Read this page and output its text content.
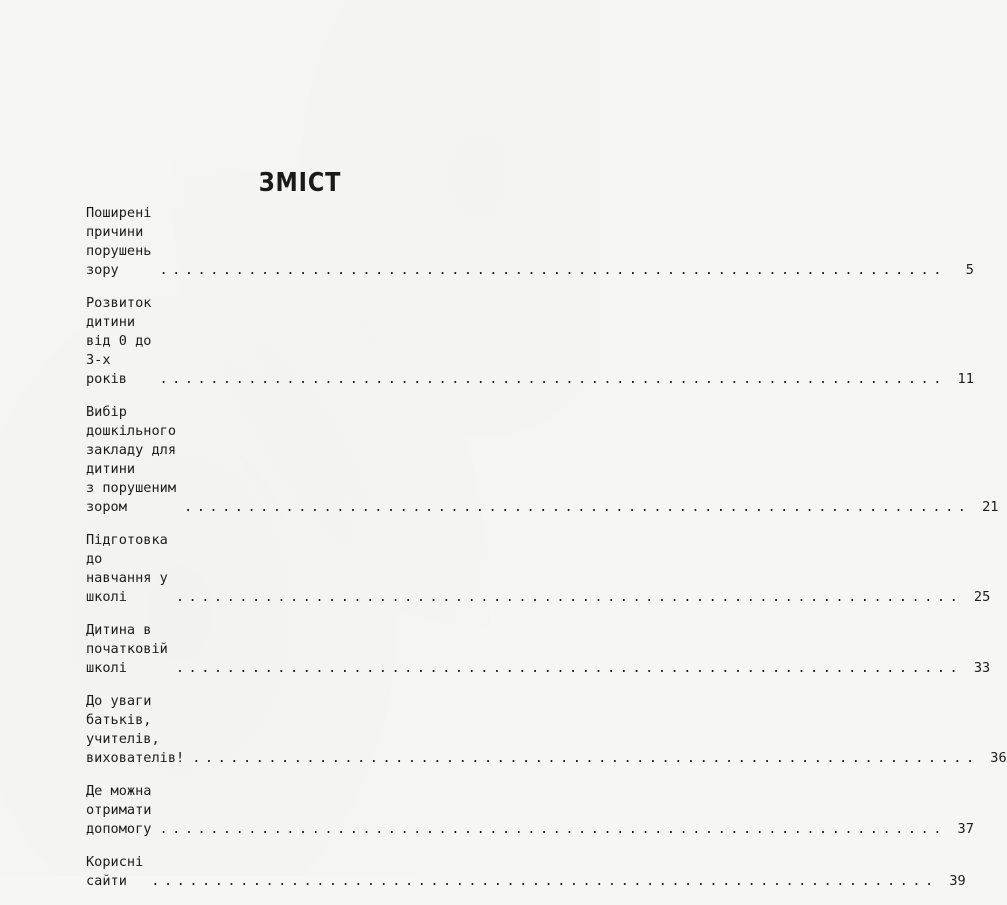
ЗМІСТ
Поширені причини порушень зору	..............................................................	5
Розвиток дитини від 0 до 3-х років	.............................................................. 11
Вибір дошкільного закладу для дитини
з порушеним зором	.............................................................. 21
Підготовка до навчання у школі	.............................................................. 25
Дитина в початковій школі	.............................................................. 33
До уваги батьків, учителів, вихователів! .............................................................. 36
Де можна отримати допомогу .............................................................. 37
Корисні сайти	.............................................................. 39
